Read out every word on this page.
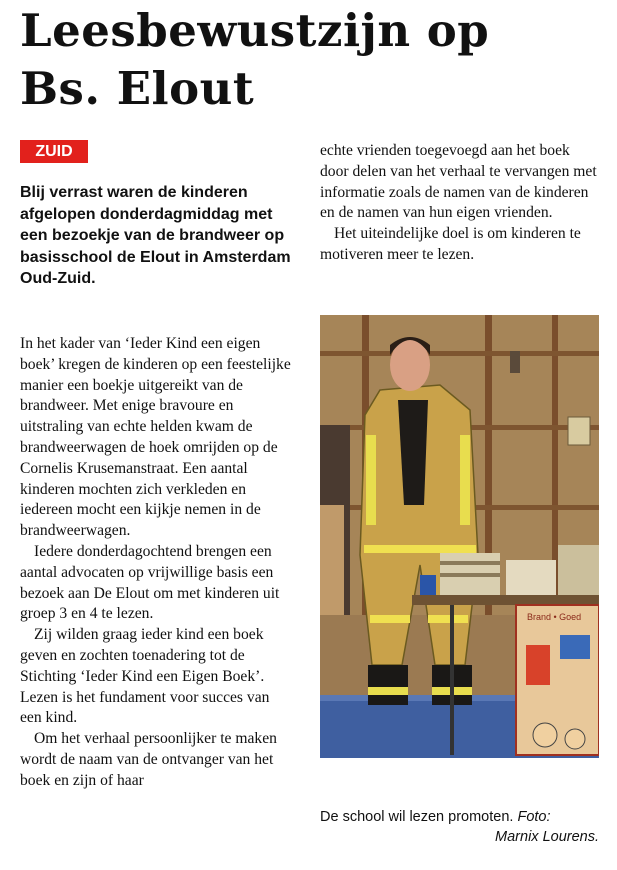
Leesbewustzijn op
Bs. Elout
ZUID
Blij verrast waren de kinderen afgelopen donderdagmiddag met een bezoekje van de brandweer op basisschool de Elout in Amsterdam Oud-Zuid.

In het kader van ‘Ieder Kind een eigen boek’ kregen de kinderen op een feestelijke manier een boekje uitgereikt van de brandweer. Met enige bravoure en uitstraling van echte helden kwam de brandweerwagen de hoek omrijden op de Cornelis Krusemanstraat. Een aantal kinderen mochten zich verkleden en iedereen mocht een kijkje nemen in de brandweerwagen.

Iedere donderdagochtend brengen een aantal advocaten op vrijwillige basis een bezoek aan De Elout om met kinderen uit groep 3 en 4 te lezen.

Zij wilden graag ieder kind een boek geven en zochten toenadering tot de Stichting ‘Ieder Kind een Eigen Boek’. Lezen is het fundament voor succes van een kind.

Om het verhaal persoonlijker te maken wordt de naam van de ontvanger van het boek en zijn of haar

echte vrienden toegevoegd aan het boek door delen van het verhaal te vervangen met informatie zoals de namen van de kinderen en de namen van hun eigen vrienden.

Het uiteindelijke doel is om kinderen te motiveren meer te lezen.

Brand • Goed
De school wil lezen promoten. Foto:
Marnix Lourens.
